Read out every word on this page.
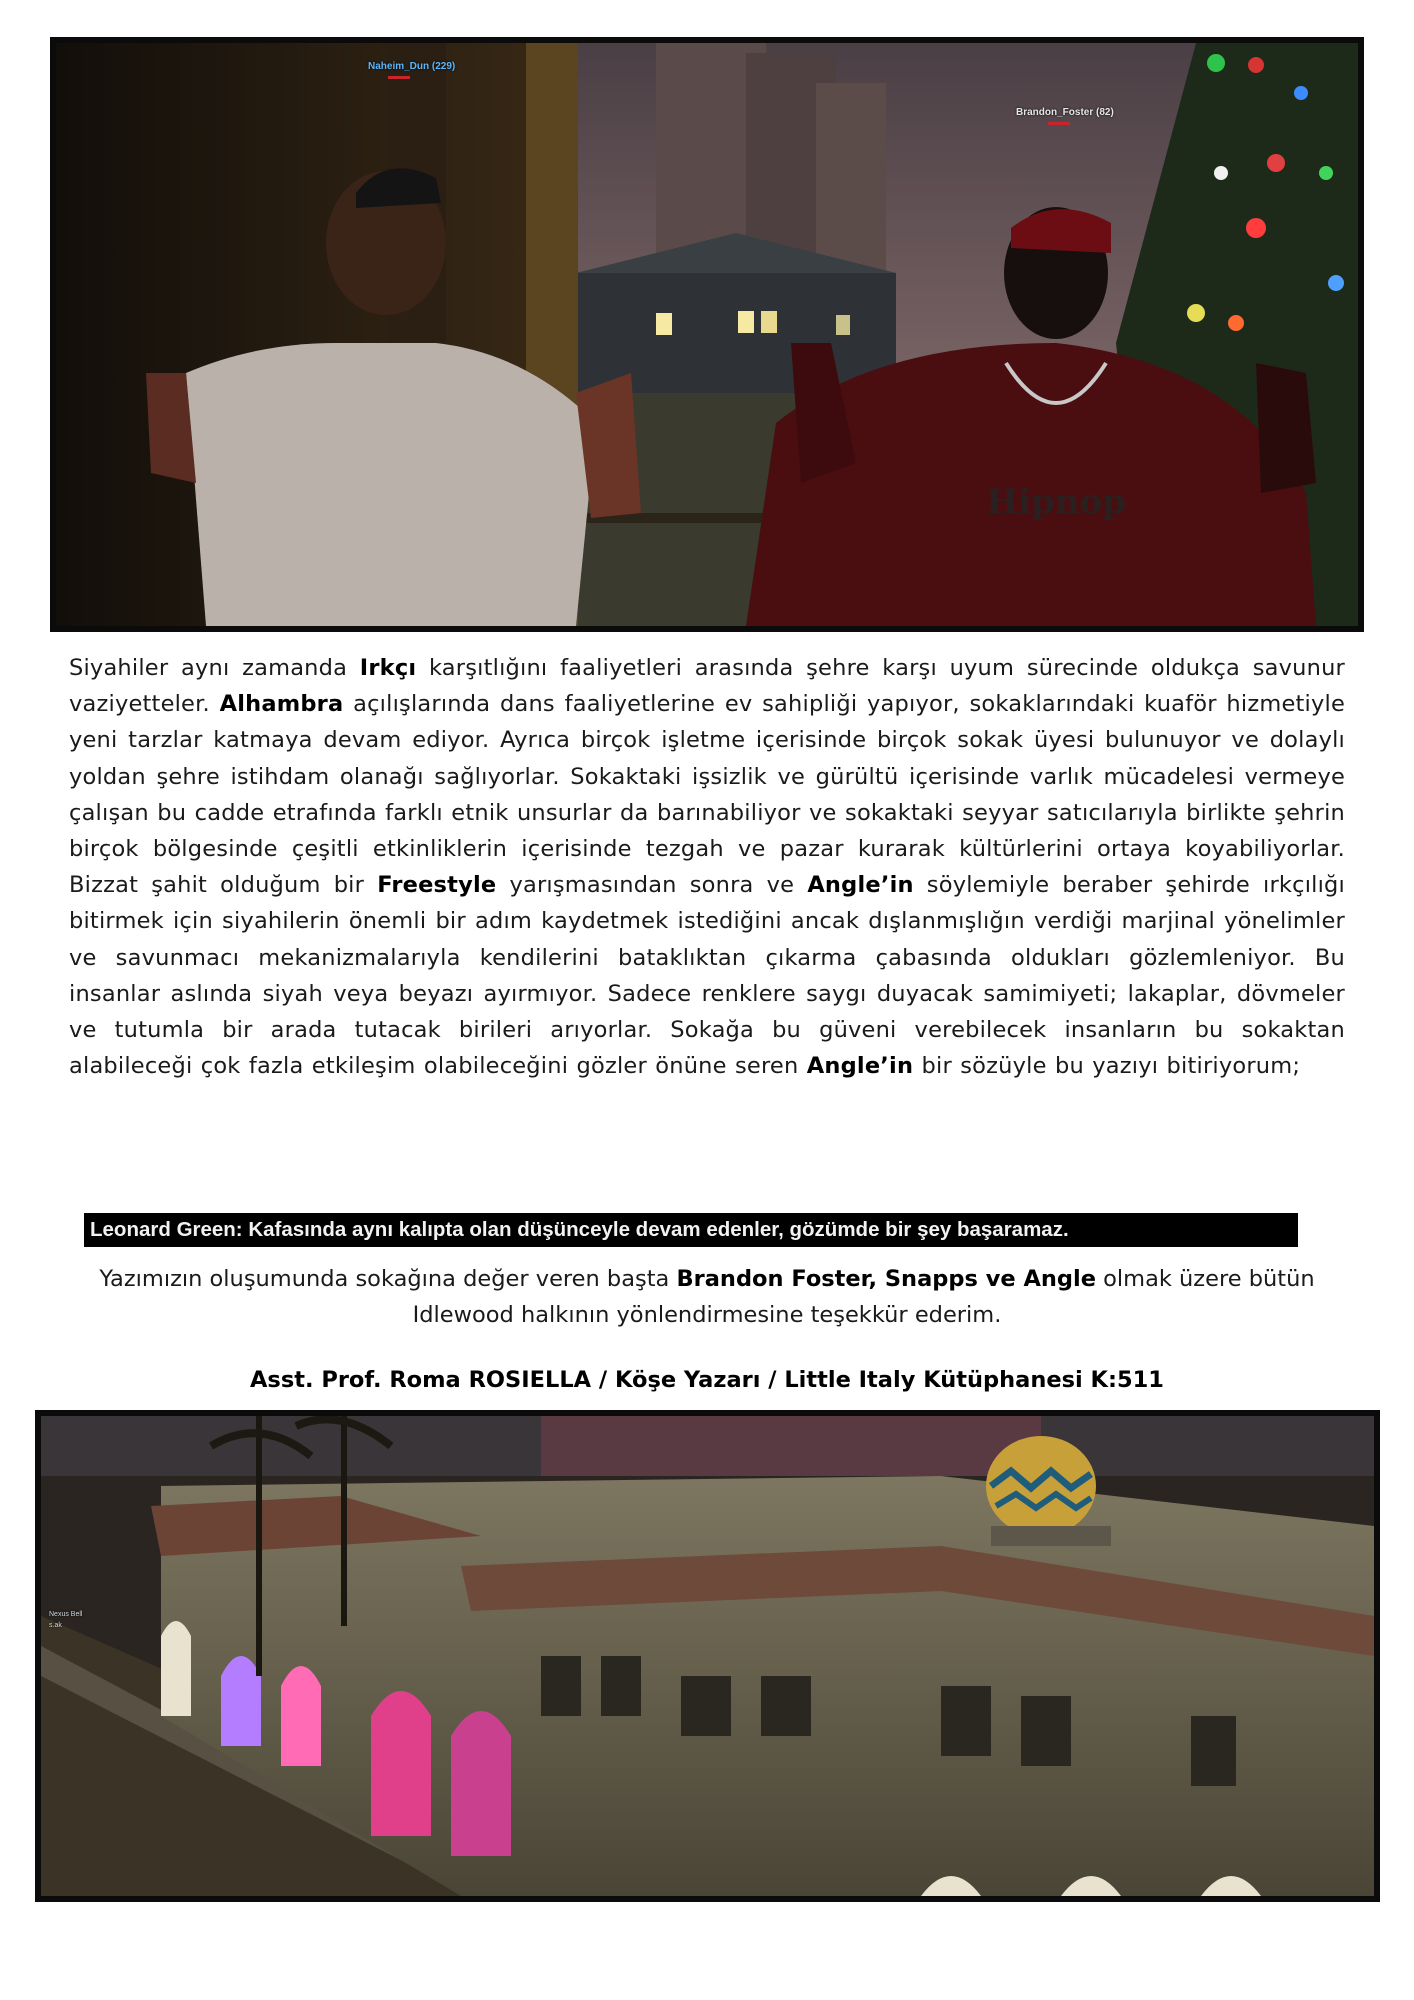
Hipnop
Naheim_Dun (229)
Brandon_Foster (82)

Siyahiler aynı zamanda Irkçı karşıtlığını faaliyetleri arasında şehre karşı uyum sürecinde oldukça savunur vaziyetteler. Alhambra açılışlarında dans faaliyetlerine ev sahipliği yapıyor, sokaklarındaki kuaför hizmetiyle yeni tarzlar katmaya devam ediyor. Ayrıca birçok işletme içerisinde birçok sokak üyesi bulunuyor ve dolaylı yoldan şehre istihdam olanağı sağlıyorlar. Sokaktaki işsizlik ve gürültü içerisinde varlık mücadelesi vermeye çalışan bu cadde etrafında farklı etnik unsurlar da barınabiliyor ve sokaktaki seyyar satıcılarıyla birlikte şehrin birçok bölgesinde çeşitli etkinliklerin içerisinde tezgah ve pazar kurarak kültürlerini ortaya koyabiliyorlar. Bizzat şahit olduğum bir Freestyle yarışmasından sonra ve Angle’in söylemiyle beraber şehirde ırkçılığı bitirmek için siyahilerin önemli bir adım kaydetmek istediğini ancak dışlanmışlığın verdiği marjinal yönelimler ve savunmacı mekanizmalarıyla kendilerini bataklıktan çıkarma çabasında oldukları gözlemleniyor. Bu insanlar aslında siyah veya beyazı ayırmıyor. Sadece renklere saygı duyacak samimiyeti; lakaplar, dövmeler ve tutumla bir arada tutacak birileri arıyorlar. Sokağa bu güveni verebilecek insanların bu sokaktan alabileceği çok fazla etkileşim olabileceğini gözler önüne seren Angle’in bir sözüyle bu yazıyı bitiriyorum;

Leonard Green: Kafasında aynı kalıpta olan düşünceyle devam edenler, gözümde bir şey başaramaz.

Yazımızın oluşumunda sokağına değer veren başta Brandon Foster, Snapps ve Angle olmak üzere bütün Idlewood halkının yönlendirmesine teşekkür ederim.

Asst. Prof. Roma ROSIELLA / Köşe Yazarı / Little Italy Kütüphanesi K:511
Nexus Bell
s.ak
